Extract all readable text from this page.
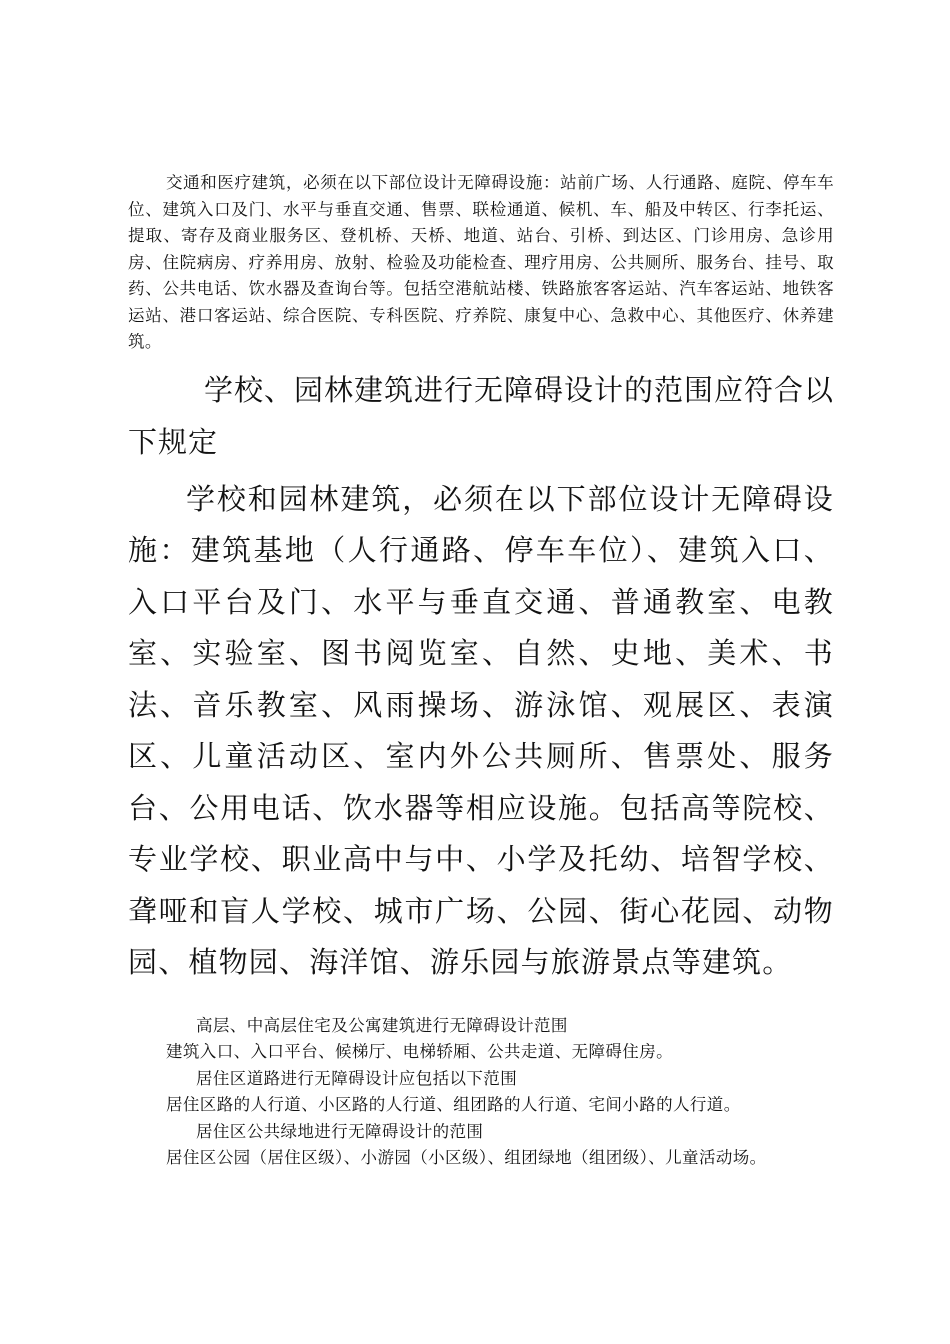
交通和医疗建筑，必须在以下部位设计无障碍设施：站前广场、人行通路、庭院、停车车位、建筑入口及门、水平与垂直交通、售票、联检通道、候机、车、船及中转区、行李托运、提取、寄存及商业服务区、登机桥、天桥、地道、站台、引桥、到达区、门诊用房、急诊用房、住院病房、疗养用房、放射、检验及功能检查、理疗用房、公共厕所、服务台、挂号、取药、公共电话、饮水器及查询台等。包括空港航站楼、铁路旅客客运站、汽车客运站、地铁客运站、港口客运站、综合医院、专科医院、疗养院、康复中心、急救中心、其他医疗、休养建筑。

学校、园林建筑进行无障碍设计的范围应符合以下规定

学校和园林建筑，必须在以下部位设计无障碍设施：建筑基地（人行通路、停车车位）、建筑入口、入口平台及门、水平与垂直交通、普通教室、电教室、实验室、图书阅览室、自然、史地、美术、书法、音乐教室、风雨操场、游泳馆、观展区、表演区、儿童活动区、室内外公共厕所、售票处、服务台、公用电话、饮水器等相应设施。包括高等院校、专业学校、职业高中与中、小学及托幼、培智学校、聋哑和盲人学校、城市广场、公园、街心花园、动物园、植物园、海洋馆、游乐园与旅游景点等建筑。

高层、中高层住宅及公寓建筑进行无障碍设计范围

建筑入口、入口平台、候梯厅、电梯轿厢、公共走道、无障碍住房。

居住区道路进行无障碍设计应包括以下范围

居住区路的人行道、小区路的人行道、组团路的人行道、宅间小路的人行道。

居住区公共绿地进行无障碍设计的范围

居住区公园（居住区级）、小游园（小区级）、组团绿地（组团级）、儿童活动场。
